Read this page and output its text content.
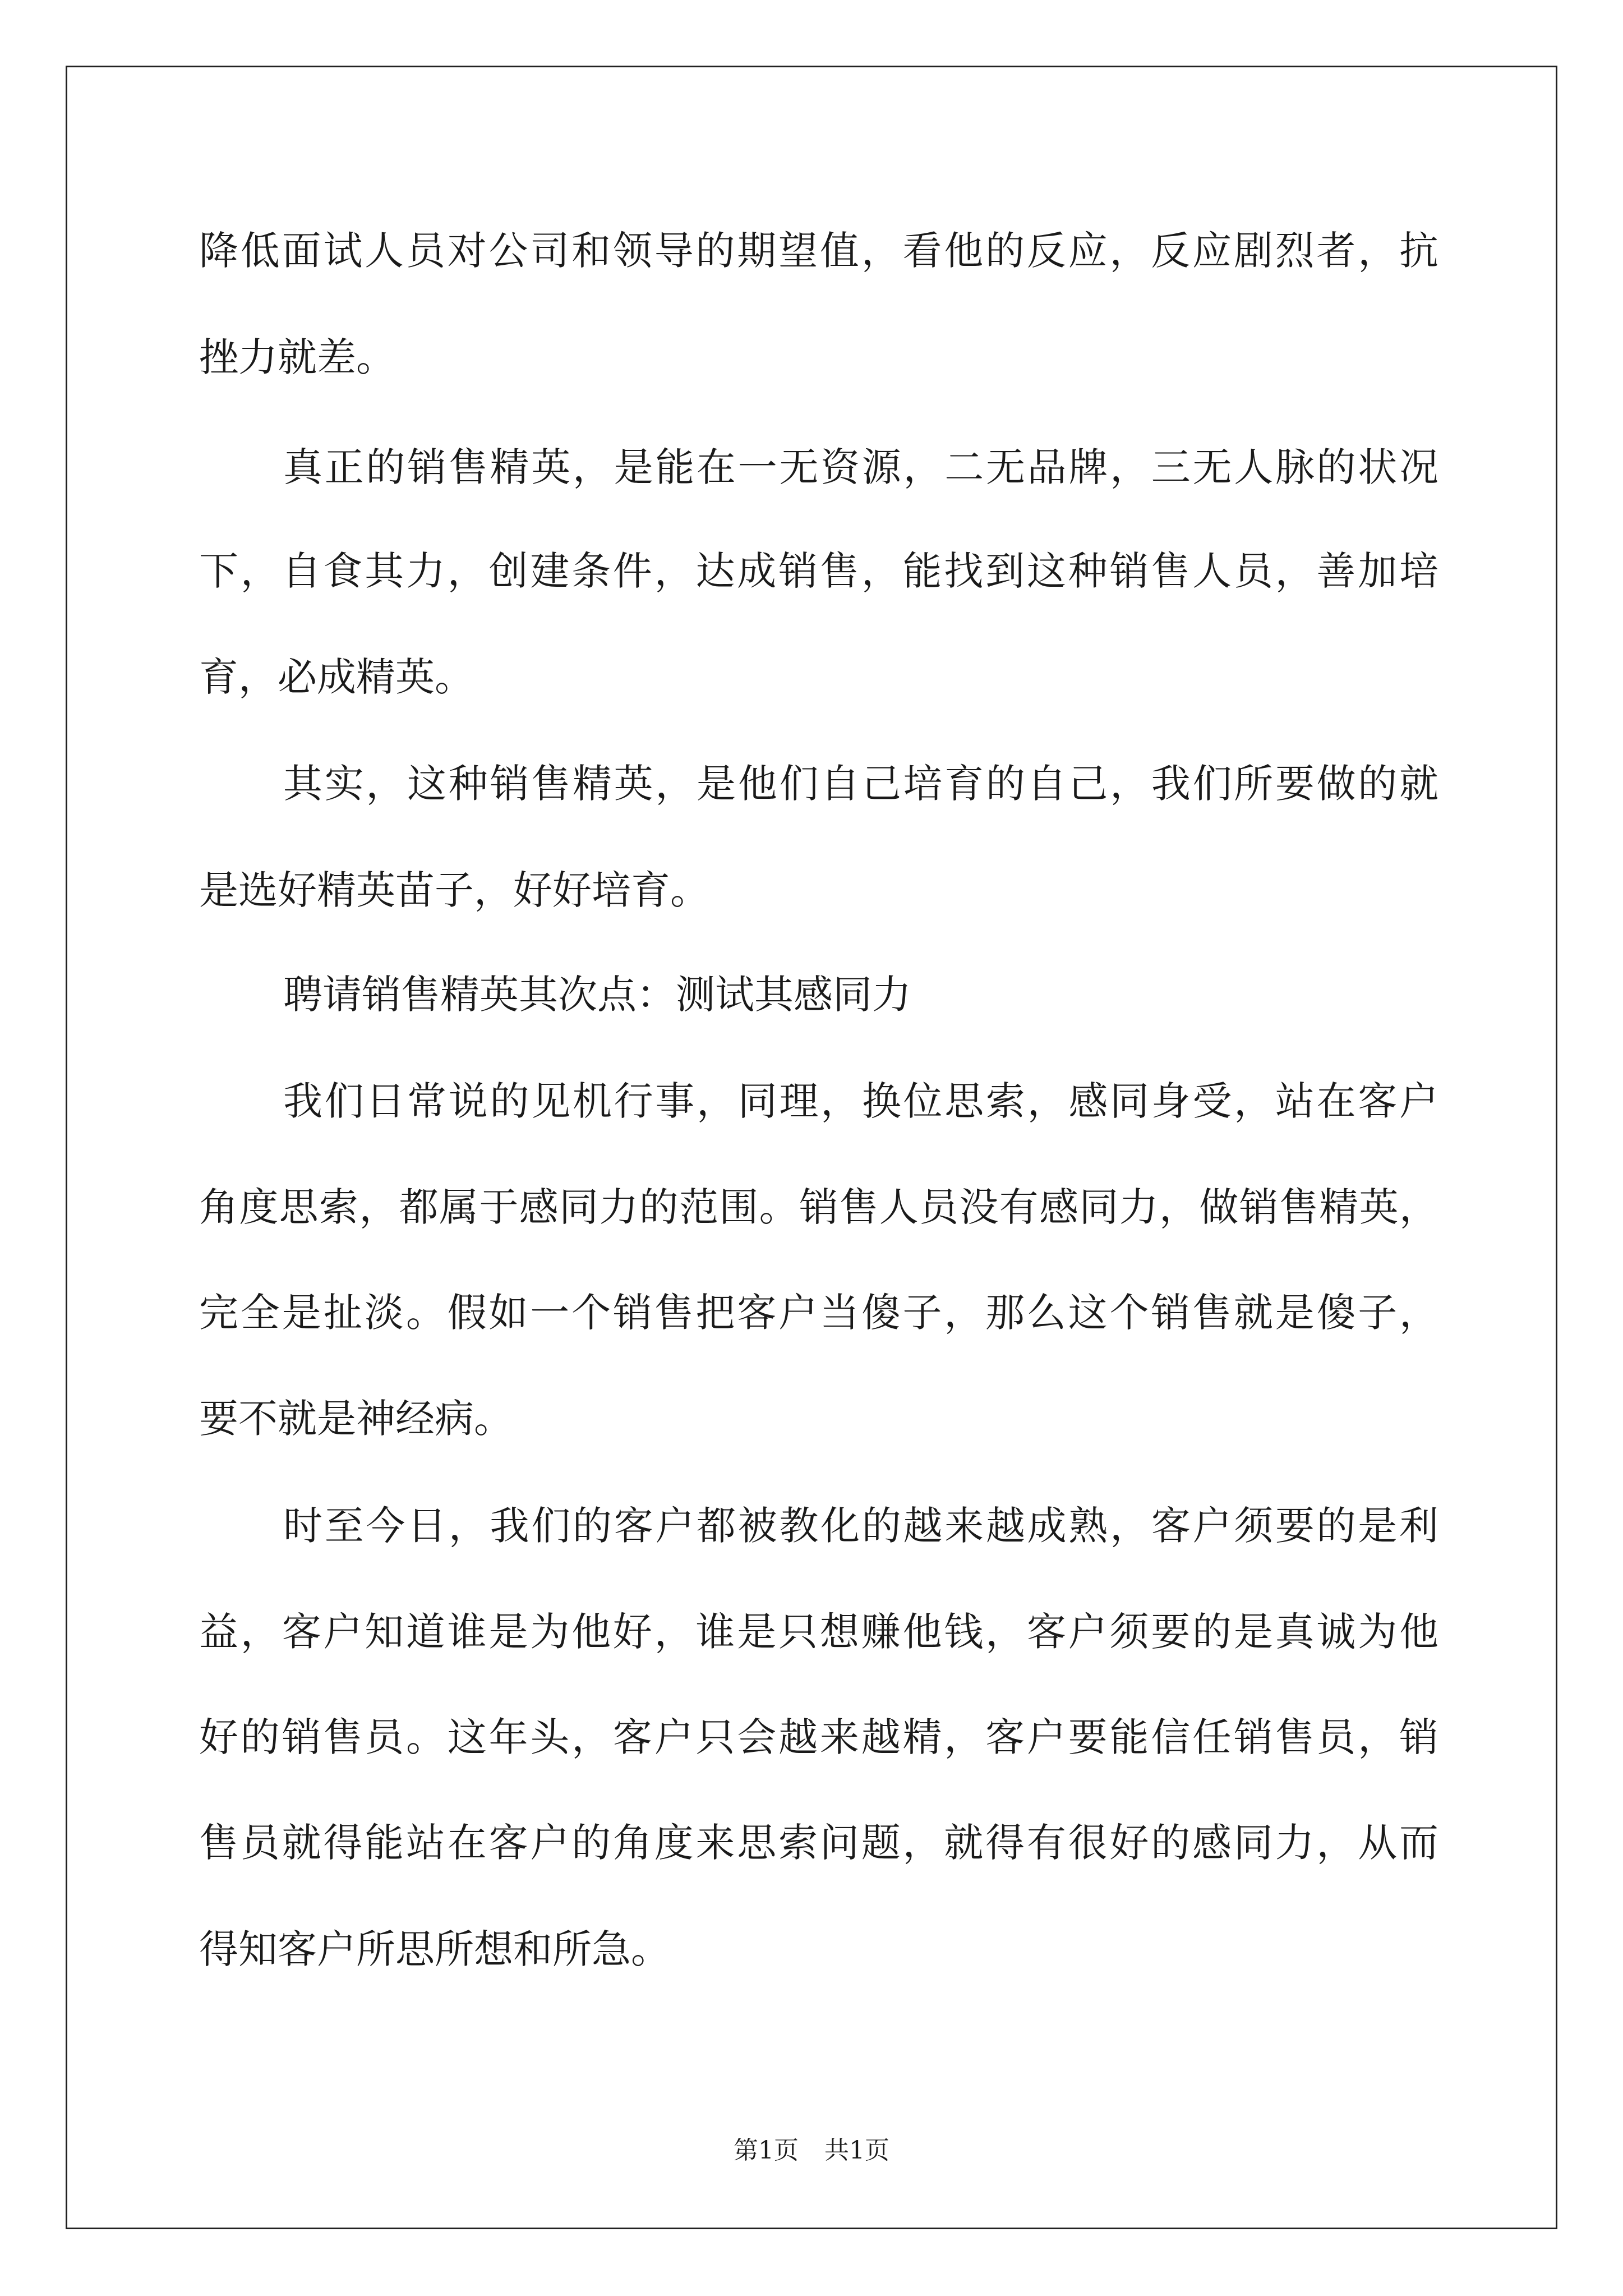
降低面试人员对公司和领导的期望值，看他的反应，反应剧烈者，抗
挫力就差。
真正的销售精英，是能在一无资源，二无品牌，三无人脉的状况
下，自食其力，创建条件，达成销售，能找到这种销售人员，善加培
育，必成精英。
其实，这种销售精英，是他们自己培育的自己，我们所要做的就
是选好精英苗子，好好培育。
聘请销售精英其次点：测试其感同力
我们日常说的见机行事，同理，换位思索，感同身受，站在客户
角度思索，都属于感同力的范围。销售人员没有感同力，做销售精英，
完全是扯淡。假如一个销售把客户当傻子，那么这个销售就是傻子，
要不就是神经病。
时至今日，我们的客户都被教化的越来越成熟，客户须要的是利
益，客户知道谁是为他好，谁是只想赚他钱，客户须要的是真诚为他
好的销售员。这年头，客户只会越来越精，客户要能信任销售员，销
售员就得能站在客户的角度来思索问题，就得有很好的感同力，从而
得知客户所思所想和所急。
第1页 共1页
